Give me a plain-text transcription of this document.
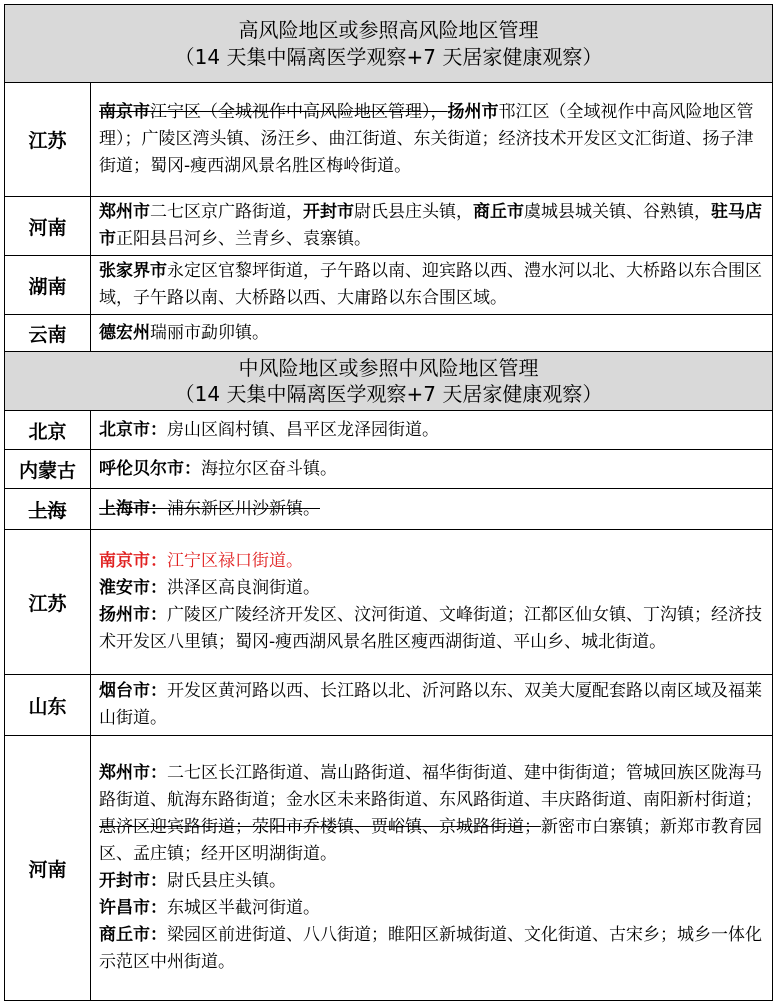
高风险地区或参照高风险地区管理
（14 天集中隔离医学观察+7 天居家健康观察）	

江苏	南京市江宁区（全城视作中高风险地区管理），扬州市邗江区（全域视作中高风险地区管理）；广陵区湾头镇、汤汪乡、曲江街道、东关街道；经济技术开发区文汇街道、扬子津街道；蜀冈-瘦西湖风景名胜区梅岭街道。
河南	郑州市二七区京广路街道，开封市尉氏县庄头镇，商丘市虞城县城关镇、谷熟镇，驻马店市正阳县吕河乡、兰青乡、袁寨镇。
湖南	张家界市永定区官黎坪街道，子午路以南、迎宾路以西、澧水河以北、大桥路以东合围区域，子午路以南、大桥路以西、大庸路以东合围区域。
云南	德宏州瑞丽市勐卯镇。

中风险地区或参照中风险地区管理
（14 天集中隔离医学观察+7 天居家健康观察）	

北京	北京市：房山区阎村镇、昌平区龙泽园街道。
内蒙古	呼伦贝尔市：海拉尔区奋斗镇。
上海	上海市：浦东新区川沙新镇。
江苏	南京市：江宁区禄口街道。
淮安市：洪泽区高良涧街道。
扬州市：广陵区广陵经济开发区、汶河街道、文峰街道；江都区仙女镇、丁沟镇；经济技术开发区八里镇；蜀冈-瘦西湖风景名胜区瘦西湖街道、平山乡、城北街道。

山东	烟台市：开发区黄河路以西、长江路以北、沂河路以东、双美大厦配套路以南区域及福莱山街道。
河南	郑州市：二七区长江路街道、嵩山路街道、福华街街道、建中街街道；管城回族区陇海马路街道、航海东路街道；金水区未来路街道、东风路街道、丰庆路街道、南阳新村街道；惠济区迎宾路街道；荥阳市乔楼镇、贾峪镇、京城路街道；新密市白寨镇；新郑市教育园区、孟庄镇；经开区明湖街道。
开封市：尉氏县庄头镇。
许昌市：东城区半截河街道。
商丘市：梁园区前进街道、八八街道；睢阳区新城街道、文化街道、古宋乡；城乡一体化示范区中州街道。
